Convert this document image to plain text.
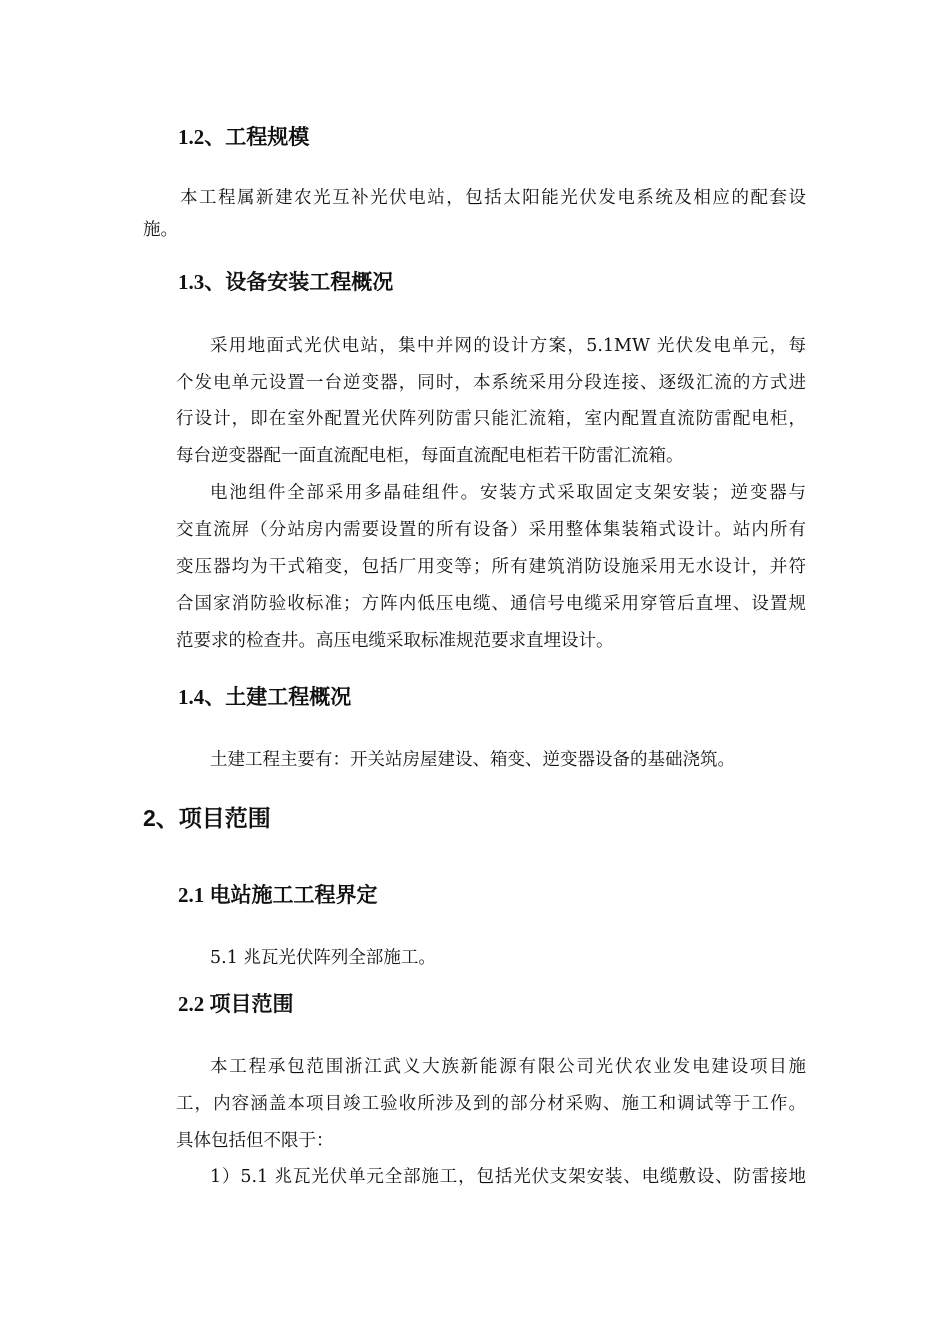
1.2、工程规模
本工程属新建农光互补光伏电站，包括太阳能光伏发电系统及相应的配套设
施。
1.3、设备安装工程概况
采用地面式光伏电站，集中并网的设计方案，5.1MW 光伏发电单元，每
个发电单元设置一台逆变器，同时，本系统采用分段连接、逐级汇流的方式进
行设计，即在室外配置光伏阵列防雷只能汇流箱，室内配置直流防雷配电柜，
每台逆变器配一面直流配电柜，每面直流配电柜若干防雷汇流箱。
电池组件全部采用多晶硅组件。安装方式采取固定支架安装；逆变器与
交直流屏（分站房内需要设置的所有设备）采用整体集装箱式设计。站内所有
变压器均为干式箱变，包括厂用变等；所有建筑消防设施采用无水设计，并符
合国家消防验收标准；方阵内低压电缆、通信号电缆采用穿管后直埋、设置规
范要求的检查井。高压电缆采取标准规范要求直埋设计。
1.4、土建工程概况
土建工程主要有：开关站房屋建设、箱变、逆变器设备的基础浇筑。
2、项目范围
2.1 电站施工工程界定
5.1 兆瓦光伏阵列全部施工。
2.2 项目范围
本工程承包范围浙江武义大族新能源有限公司光伏农业发电建设项目施
工，内容涵盖本项目竣工验收所涉及到的部分材采购、施工和调试等于工作。
具体包括但不限于：
1）5.1 兆瓦光伏单元全部施工，包括光伏支架安装、电缆敷设、防雷接地
